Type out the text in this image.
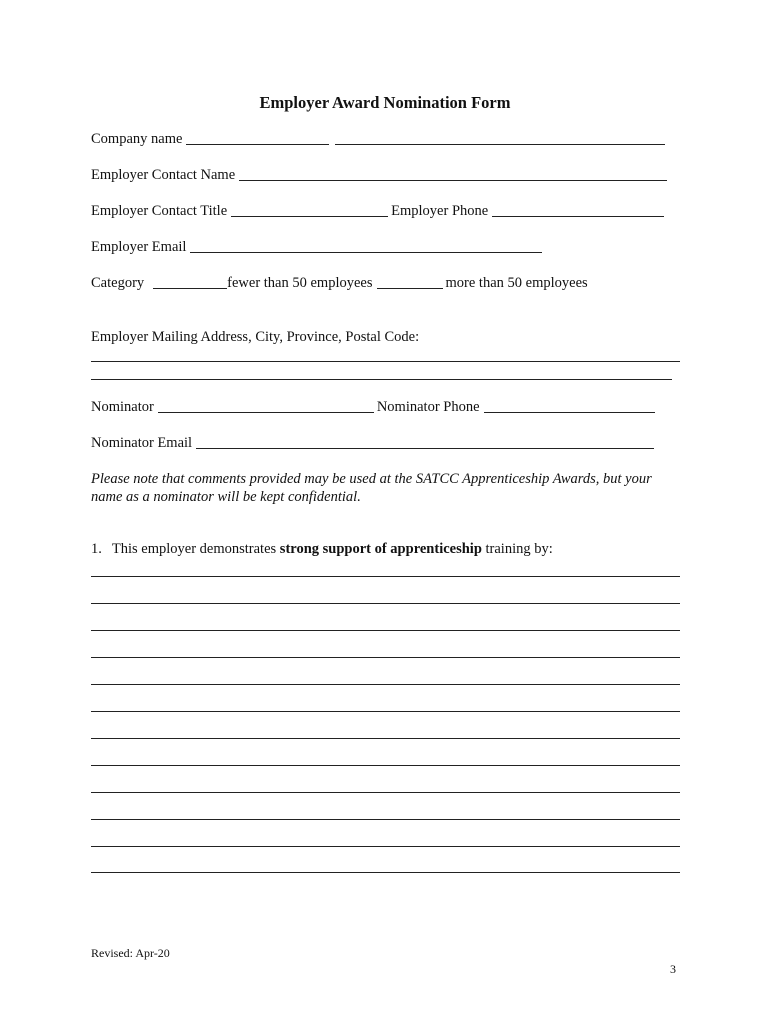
Employer Award Nomination Form
Company name
Employer Contact Name
Employer Contact Title	Employer Phone
Employer Email
Category	fewer than 50 employees	more than 50 employees
Employer Mailing Address, City, Province, Postal Code:
Nominator	Nominator Phone
Nominator Email
Please note that comments provided may be used at the SATCC Apprenticeship Awards, but your name as a nominator will be kept confidential.
1. This employer demonstrates strong support of apprenticeship training by:
Revised: Apr-20
3
